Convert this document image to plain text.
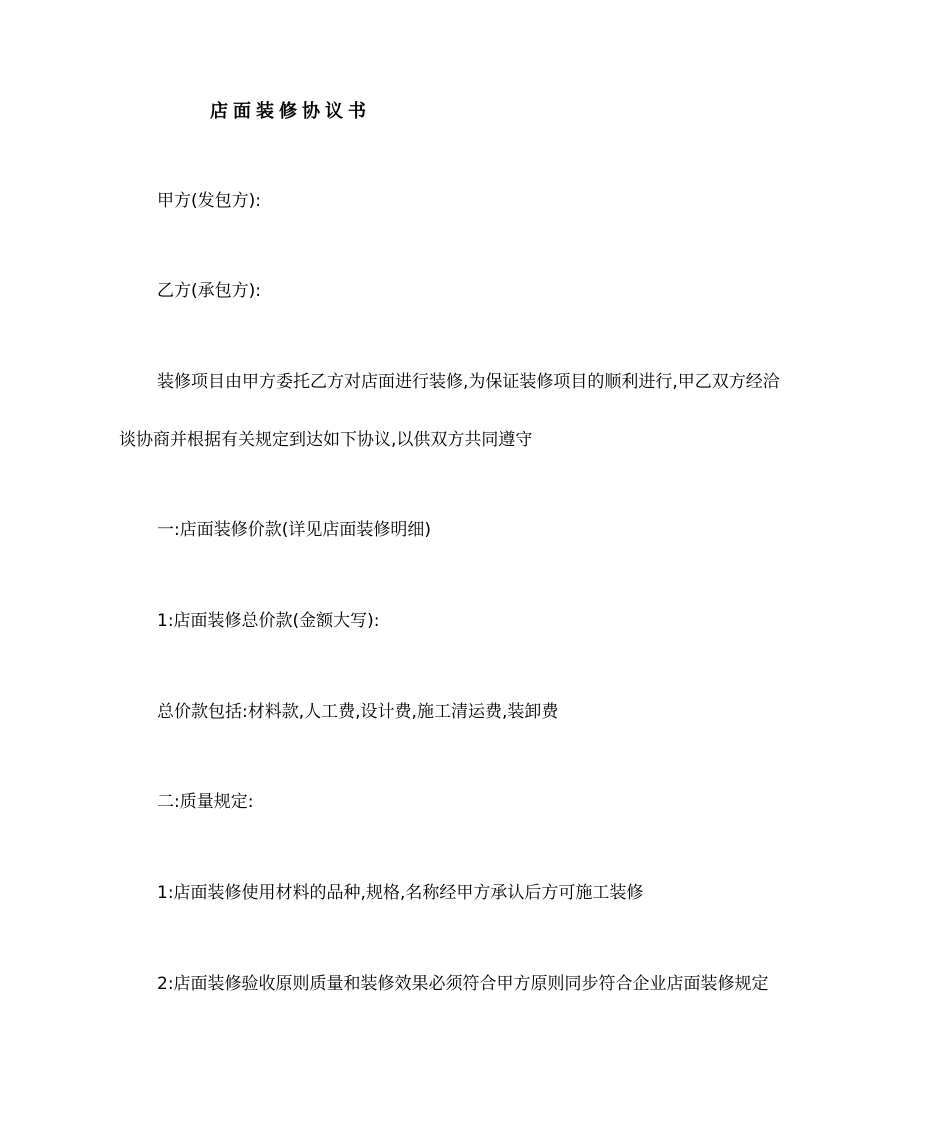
店面装修协议书
甲方(发包方):
乙方(承包方):
装修项目由甲方委托乙方对店面进行装修,为保证装修项目的顺利进行,甲乙双方经洽
谈协商并根据有关规定到达如下协议,以供双方共同遵守
一:店面装修价款(详见店面装修明细)
1:店面装修总价款(金额大写):
总价款包括:材料款,人工费,设计费,施工清运费,装卸费
二:质量规定:
1:店面装修使用材料的品种,规格,名称经甲方承认后方可施工装修
2:店面装修验收原则质量和装修效果必须符合甲方原则同步符合企业店面装修规定
